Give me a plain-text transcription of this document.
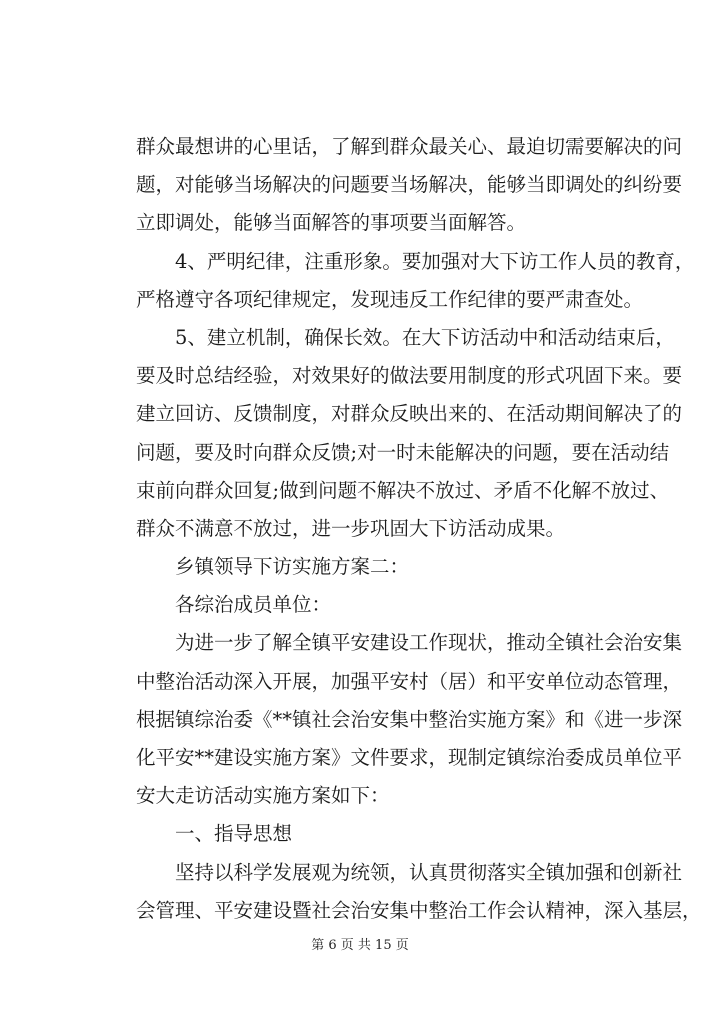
群众最想讲的心里话，了解到群众最关心、最迫切需要解决的问
题，对能够当场解决的问题要当场解决，能够当即调处的纠纷要
立即调处，能够当面解答的事项要当面解答。
　　4、严明纪律，注重形象。要加强对大下访工作人员的教育，
严格遵守各项纪律规定，发现违反工作纪律的要严肃查处。
　　5、建立机制，确保长效。在大下访活动中和活动结束后，
要及时总结经验，对效果好的做法要用制度的形式巩固下来。要
建立回访、反馈制度，对群众反映出来的、在活动期间解决了的
问题，要及时向群众反馈;对一时未能解决的问题，要在活动结
束前向群众回复;做到问题不解决不放过、矛盾不化解不放过、
群众不满意不放过，进一步巩固大下访活动成果。
　　乡镇领导下访实施方案二：
　　各综治成员单位：
　　为进一步了解全镇平安建设工作现状，推动全镇社会治安集
中整治活动深入开展，加强平安村（居）和平安单位动态管理，
根据镇综治委《**镇社会治安集中整治实施方案》和《进一步深
化平安**建设实施方案》文件要求，现制定镇综治委成员单位平
安大走访活动实施方案如下：
　　一、指导思想
　　坚持以科学发展观为统领，认真贯彻落实全镇加强和创新社
会管理、平安建设暨社会治安集中整治工作会认精神，深入基层，
第 6 页 共 15 页
